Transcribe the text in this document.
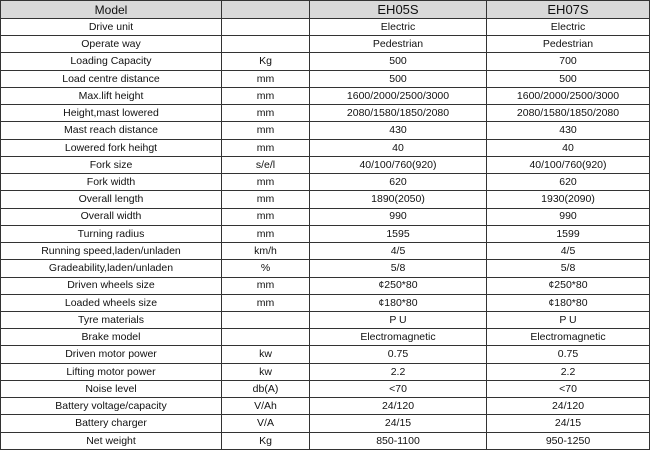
Model		EH05S	EH07S
Drive unit		Electric	Electric
Operate way		Pedestrian	Pedestrian
Loading Capacity	Kg	500	700
Load centre distance	mm	500	500
Max.lift height	mm	1600/2000/2500/3000	1600/2000/2500/3000
Height,mast lowered	mm	2080/1580/1850/2080	2080/1580/1850/2080
Mast reach distance	mm	430	430
Lowered fork heihgt	mm	40	40
Fork size	s/e/l	40/100/760(920)	40/100/760(920)
Fork width	mm	620	620
Overall length	mm	1890(2050)	1930(2090)
Overall width	mm	990	990
Turning radius	mm	1595	1599
Running speed,laden/unladen	km/h	4/5	4/5
Gradeability,laden/unladen	%	5/8	5/8
Driven wheels size	mm	¢250*80	¢250*80
Loaded wheels size	mm	¢180*80	¢180*80
Tyre materials		P U	P U
Brake model		Electromagnetic	Electromagnetic
Driven motor power	kw	0.75	0.75
Lifting motor power	kw	2.2	2.2
Noise level	db(A)	<70	<70
Battery voltage/capacity	V/Ah	24/120	24/120
Battery charger	V/A	24/15	24/15
Net weight	Kg	850-1100	950-1250
